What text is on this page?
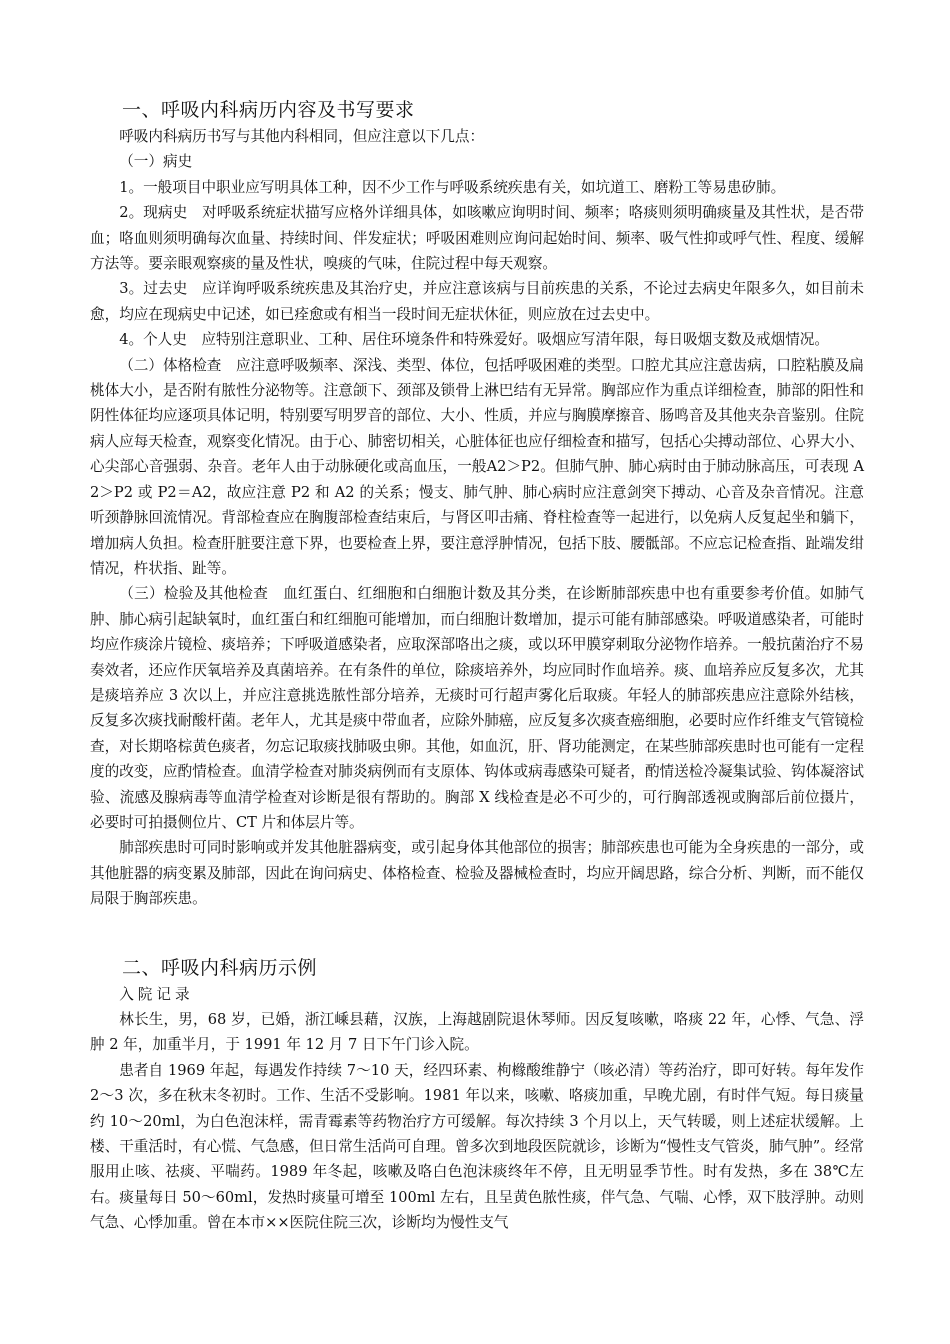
一、呼吸内科病历内容及书写要求

呼吸内科病历书写与其他内科相同，但应注意以下几点：

（一）病史

1。一般项目中职业应写明具体工种，因不少工作与呼吸系统疾患有关，如坑道工、磨粉工等易患矽肺。

2。现病史　对呼吸系统症状描写应格外详细具体，如咳嗽应询明时间、频率；咯痰则须明确痰量及其性状，是否带血；咯血则须明确每次血量、持续时间、伴发症状；呼吸困难则应询问起始时间、频率、吸气性抑或呼气性、程度、缓解方法等。要亲眼观察痰的量及性状，嗅痰的气味，住院过程中每天观察。

3。过去史　应详询呼吸系统疾患及其治疗史，并应注意该病与目前疾患的关系，不论过去病史年限多久，如目前未愈，均应在现病史中记述，如已痊愈或有相当一段时间无症状休征，则应放在过去史中。

4。个人史　应特别注意职业、工种、居住环境条件和特殊爱好。吸烟应写清年限，每日吸烟支数及戒烟情况。

（二）体格检查　应注意呼吸频率、深浅、类型、体位，包括呼吸困难的类型。口腔尤其应注意齿病，口腔粘膜及扁桃体大小，是否附有脓性分泌物等。注意颌下、颈部及锁骨上淋巴结有无异常。胸部应作为重点详细检查，肺部的阳性和阴性体征均应逐项具体记明，特别要写明罗音的部位、大小、性质，并应与胸膜摩擦音、肠鸣音及其他夹杂音鉴别。住院病人应每天检查，观察变化情况。由于心、肺密切相关，心脏体征也应仔细检查和描写，包括心尖搏动部位、心界大小、心尖部心音强弱、杂音。老年人由于动脉硬化或高血压，一般A2＞P2。但肺气肿、肺心病时由于肺动脉高压，可表现 A2＞P2 或 P2＝A2，故应注意 P2 和 A2 的关系；慢支、肺气肿、肺心病时应注意剑突下搏动、心音及杂音情况。注意听颈静脉回流情况。背部检查应在胸腹部检查结束后，与肾区叩击痛、脊柱检查等一起进行，以免病人反复起坐和躺下，增加病人负担。检查肝脏要注意下界，也要检查上界，要注意浮肿情况，包括下肢、腰骶部。不应忘记检查指、趾端发绀情况，杵状指、趾等。

（三）检验及其他检查　血红蛋白、红细胞和白细胞计数及其分类，在诊断肺部疾患中也有重要参考价值。如肺气肿、肺心病引起缺氧时，血红蛋白和红细胞可能增加，而白细胞计数增加，提示可能有肺部感染。呼吸道感染者，可能时均应作痰涂片镜检、痰培养；下呼吸道感染者，应取深部咯出之痰，或以环甲膜穿刺取分泌物作培养。一般抗菌治疗不易奏效者，还应作厌氧培养及真菌培养。在有条件的单位，除痰培养外，均应同时作血培养。痰、血培养应反复多次，尤其是痰培养应 3 次以上，并应注意挑选脓性部分培养，无痰时可行超声雾化后取痰。年轻人的肺部疾患应注意除外结核，反复多次痰找耐酸杆菌。老年人，尤其是痰中带血者，应除外肺癌，应反复多次痰查癌细胞，必要时应作纤维支气管镜检查，对长期咯棕黄色痰者，勿忘记取痰找肺吸虫卵。其他，如血沉，肝、肾功能测定，在某些肺部疾患时也可能有一定程度的改变，应酌情检查。血清学检查对肺炎病例而有支原体、钩体或病毒感染可疑者，酌情送检冷凝集试验、钩体凝溶试验、流感及腺病毒等血清学检查对诊断是很有帮助的。胸部 X 线检查是必不可少的，可行胸部透视或胸部后前位摄片，必要时可拍摄侧位片、CT 片和体层片等。

肺部疾患时可同时影响或并发其他脏器病变，或引起身体其他部位的损害；肺部疾患也可能为全身疾患的一部分，或其他脏器的病变累及肺部，因此在询问病史、体格检查、检验及器械检查时，均应开阔思路，综合分析、判断，而不能仅局限于胸部疾患。

二、呼吸内科病历示例

入院记录

林长生，男，68 岁，已婚，浙江嵊县藉，汉族，上海越剧院退休琴师。因反复咳嗽，咯痰 22 年，心悸、气急、浮肿 2 年，加重半月，于 1991 年 12 月 7 日下午门诊入院。

患者自 1969 年起，每遇发作持续 7～10 天，经四环素、枸橼酸维静宁（咳必清）等药治疗，即可好转。每年发作 2～3 次，多在秋末冬初时。工作、生活不受影响。1981 年以来，咳嗽、咯痰加重，早晚尤剧，有时伴气短。每日痰量约 10～20ml，为白色泡沫样，需青霉素等药物治疗方可缓解。每次持续 3 个月以上，天气转暖，则上述症状缓解。上楼、干重活时，有心慌、气急感，但日常生活尚可自理。曾多次到地段医院就诊，诊断为“慢性支气管炎，肺气肿”。经常服用止咳、祛痰、平喘药。1989 年冬起，咳嗽及咯白色泡沫痰终年不停，且无明显季节性。时有发热，多在 38℃左右。痰量每日 50～60ml，发热时痰量可增至 100ml 左右，且呈黄色脓性痰，伴气急、气喘、心悸，双下肢浮肿。动则气急、心悸加重。曾在本市××医院住院三次，诊断均为慢性支气
